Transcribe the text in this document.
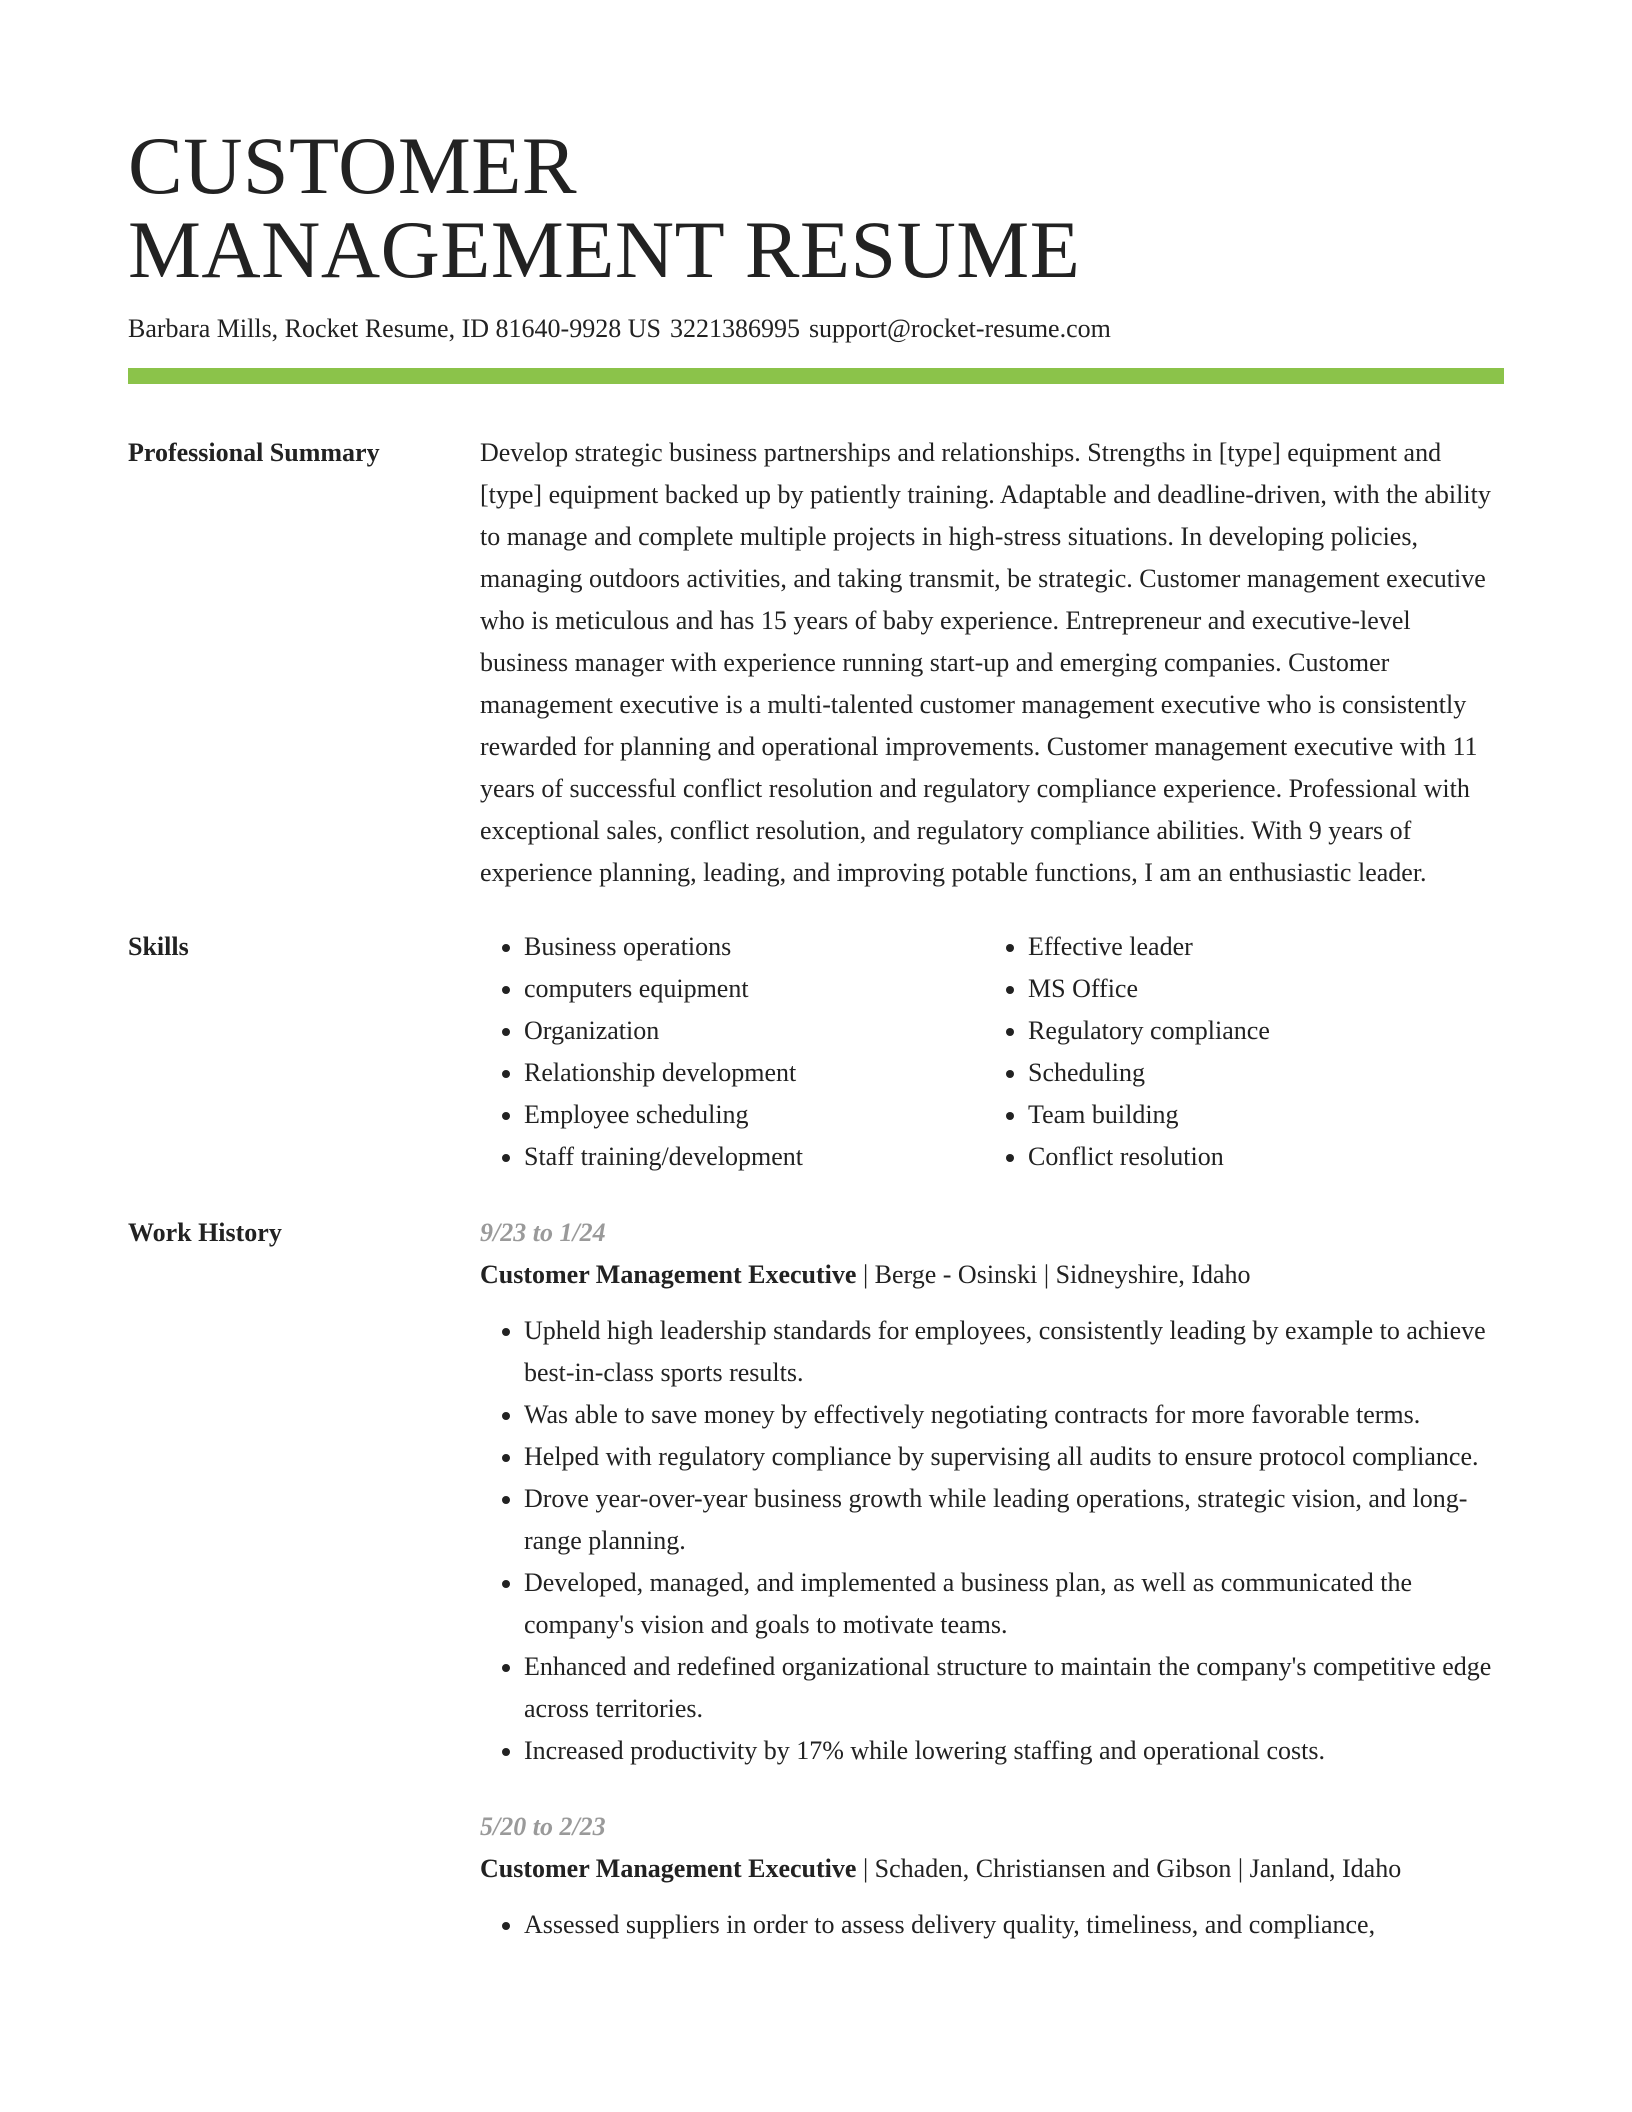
CUSTOMER
MANAGEMENT RESUME
Barbara Mills, Rocket Resume, ID 81640-9928 US 3221386995 support@rocket-resume.com
Professional Summary	Develop strategic business partnerships and relationships. Strengths in [type] equipment and [type] equipment backed up by patiently training. Adaptable and deadline-driven, with the ability to manage and complete multiple projects in high-stress situations. In developing policies, managing outdoors activities, and taking transmit, be strategic. Customer management executive who is meticulous and has 15 years of baby experience. Entrepreneur and executive-level business manager with experience running start-up and emerging companies. Customer management executive is a multi-talented customer management executive who is consistently rewarded for planning and operational improvements. Customer management executive with 11 years of successful conflict resolution and regulatory compliance experience. Professional with exceptional sales, conflict resolution, and regulatory compliance abilities. With 9 years of experience planning, leading, and improving potable functions, I am an enthusiastic leader.

Skills
•	Business operations
• computers equipment
• Organization
• Relationship development
• Employee scheduling
• Staff training/development
• Effective leader
• MS Office
• Regulatory compliance
• Scheduling
• Team building
• Conflict resolution
Work History	9/23 to 1/24
Customer Management Executive | Berge - Osinski | Sidneyshire, Idaho
• Upheld high leadership standards for employees, consistently leading by example to achieve best-in-class sports results.
• Was able to save money by effectively negotiating contracts for more favorable terms.
• Helped with regulatory compliance by supervising all audits to ensure protocol compliance.
• Drove year-over-year business growth while leading operations, strategic vision, and long-range planning.
• Developed, managed, and implemented a business plan, as well as communicated the company's vision and goals to motivate teams.
• Enhanced and redefined organizational structure to maintain the company's competitive edge across territories.
• Increased productivity by 17% while lowering staffing and operational costs.
5/20 to 2/23
Customer Management Executive | Schaden, Christiansen and Gibson | Janland, Idaho
• Assessed suppliers in order to assess delivery quality, timeliness, and compliance,
